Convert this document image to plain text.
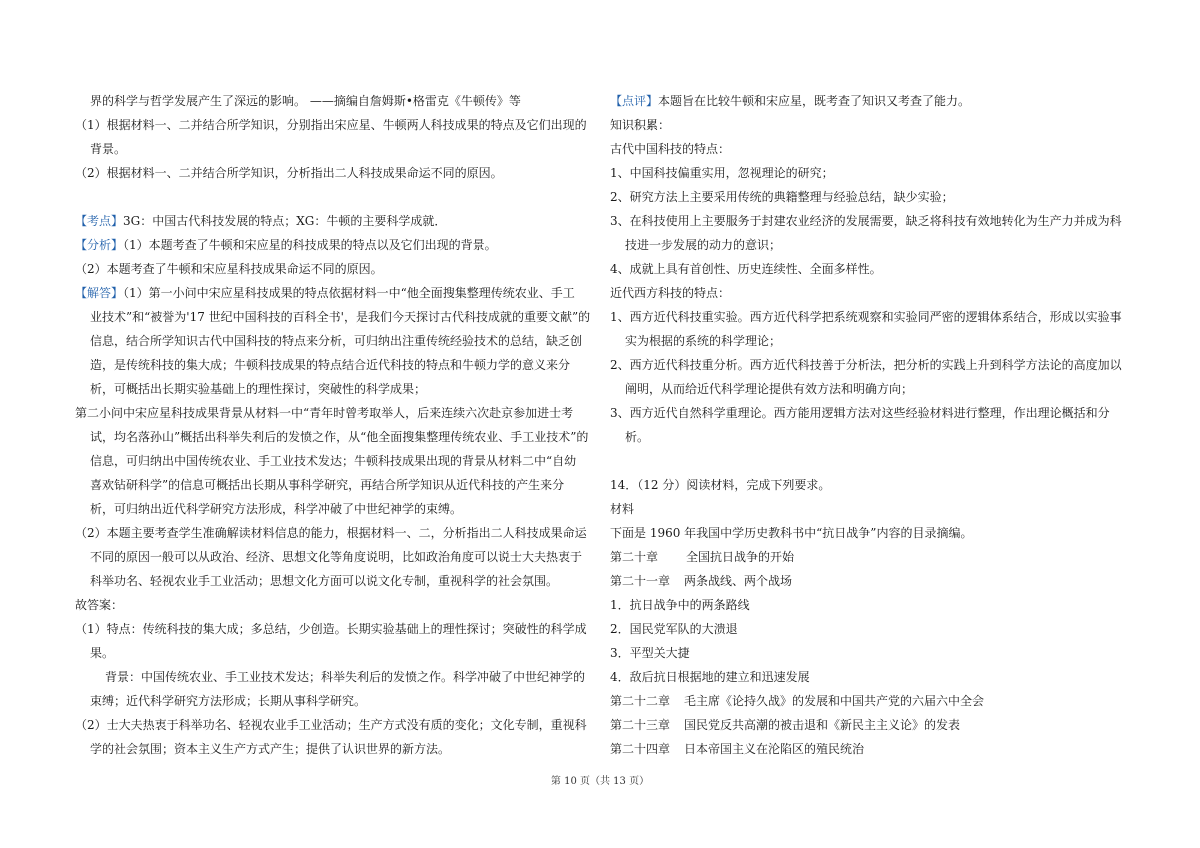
界的科学与哲学发展产生了深远的影响。 ——摘编自詹姆斯•格雷克《牛顿传》等

（1）根据材料一、二并结合所学知识，分别指出宋应星、牛顿两人科技成果的特点及它们出现的

背景。

（2）根据材料一、二并结合所学知识，分析指出二人科技成果命运不同的原因。

【考点】3G：中国古代科技发展的特点；XG：牛顿的主要科学成就．

【分析】（1）本题考查了牛顿和宋应星的科技成果的特点以及它们出现的背景。

（2）本题考查了牛顿和宋应星科技成果命运不同的原因。

【解答】（1）第一小问中宋应星科技成果的特点依据材料一中“他全面搜集整理传统农业、手工

业技术”和“被誉为'17 世纪中国科技的百科全书'，是我们今天探讨古代科技成就的重要文献”的

信息，结合所学知识古代中国科技的特点来分析，可归纳出注重传统经验技术的总结，缺乏创

造，是传统科技的集大成；牛顿科技成果的特点结合近代科技的特点和牛顿力学的意义来分

析，可概括出长期实验基础上的理性探讨，突破性的科学成果；

第二小问中宋应星科技成果背景从材料一中“青年时曾考取举人，后来连续六次赴京参加进士考

试，均名落孙山”概括出科举失利后的发愤之作，从“他全面搜集整理传统农业、手工业技术”的

信息，可归纳出中国传统农业、手工业技术发达；牛顿科技成果出现的背景从材料二中“自幼

喜欢钻研科学”的信息可概括出长期从事科学研究，再结合所学知识从近代科技的产生来分

析，可归纳出近代科学研究方法形成，科学冲破了中世纪神学的束缚。

（2）本题主要考查学生准确解读材料信息的能力，根据材料一、二，分析指出二人科技成果命运

不同的原因一般可以从政治、经济、思想文化等角度说明，比如政治角度可以说士大夫热衷于

科举功名、轻视农业手工业活动；思想文化方面可以说文化专制，重视科学的社会氛围。

故答案：

（1）特点：传统科技的集大成；多总结，少创造。长期实验基础上的理性探讨；突破性的科学成

果。

背景：中国传统农业、手工业技术发达；科举失利后的发愤之作。科学冲破了中世纪神学的

束缚；近代科学研究方法形成；长期从事科学研究。

（2）士大夫热衷于科举功名、轻视农业手工业活动；生产方式没有质的变化；文化专制，重视科

学的社会氛围；资本主义生产方式产生；提供了认识世界的新方法。

【点评】本题旨在比较牛顿和宋应星，既考查了知识又考查了能力。

知识积累：

古代中国科技的特点：

1、中国科技偏重实用，忽视理论的研究；

2、研究方法上主要采用传统的典籍整理与经验总结，缺少实验；

3、在科技使用上主要服务于封建农业经济的发展需要，缺乏将科技有效地转化为生产力并成为科

技进一步发展的动力的意识；

4、成就上具有首创性、历史连续性、全面多样性。

近代西方科技的特点：

1、西方近代科技重实验。西方近代科学把系统观察和实验同严密的逻辑体系结合，形成以实验事

实为根据的系统的科学理论；

2、西方近代科技重分析。西方近代科技善于分析法，把分析的实践上升到科学方法论的高度加以

阐明，从而给近代科学理论提供有效方法和明确方向；

3、西方近代自然科学重理论。西方能用逻辑方法对这些经验材料进行整理，作出理论概括和分

析。

14．（12 分）阅读材料，完成下列要求。

材料

下面是 1960 年我国中学历史教科书中“抗日战争”内容的目录摘编。

第二十章 全国抗日战争的开始

第二十一章 两条战线、两个战场

1．抗日战争中的两条路线

2．国民党军队的大溃退

3．平型关大捷

4．敌后抗日根据地的建立和迅速发展

第二十二章 毛主席《论持久战》的发展和中国共产党的六届六中全会

第二十三章 国民党反共高潮的被击退和《新民主主义论》的发表

第二十四章 日本帝国主义在沦陷区的殖民统治

第 10 页（共 13 页）
